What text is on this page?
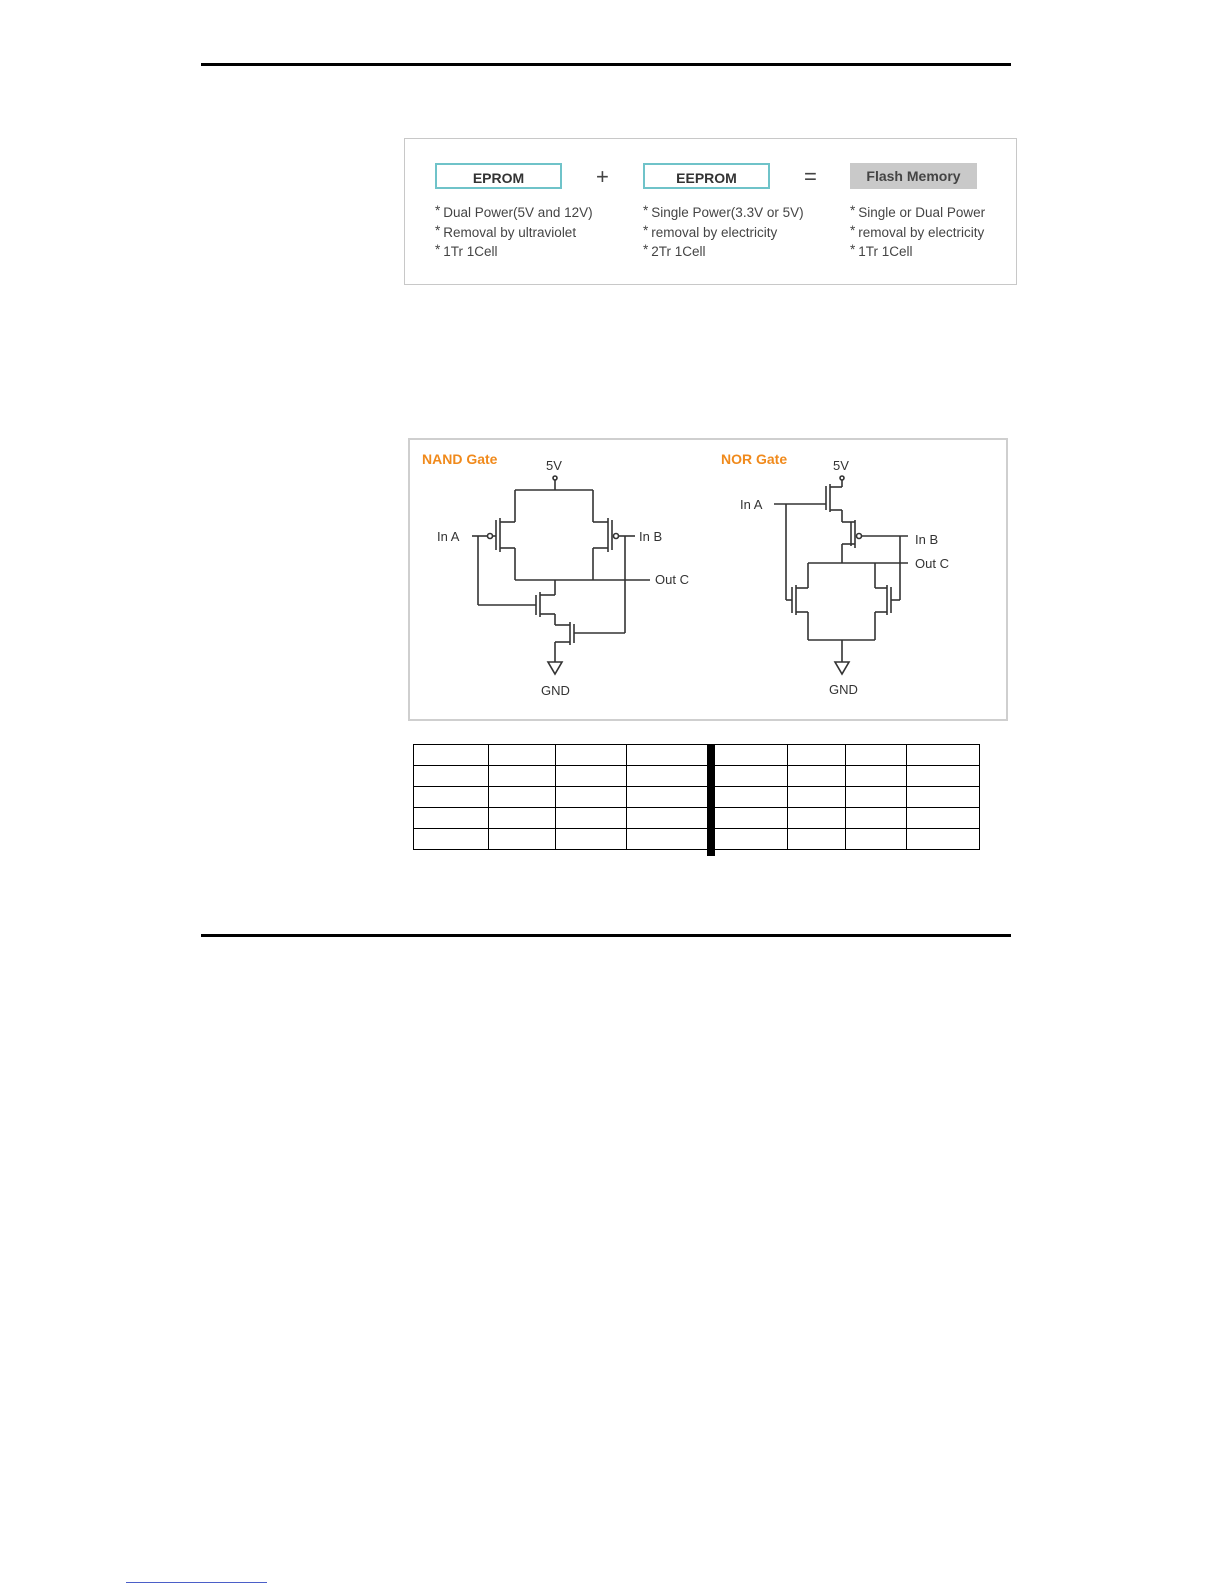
EPROM	+	EEPROM	=	Flash Memory
* Dual Power(5V and 12V)
* Removal by ultraviolet
* 1Tr 1Cell
* Single Power(3.3V or 5V)
* removal by electricity
* 2Tr 1Cell
* Single or Dual Power
* removal by electricity
* 1Tr 1Cell
NAND Gate	5V
In A	In B
Out C
GND
NOR Gate	5V
In A
In B
Out C
GND
